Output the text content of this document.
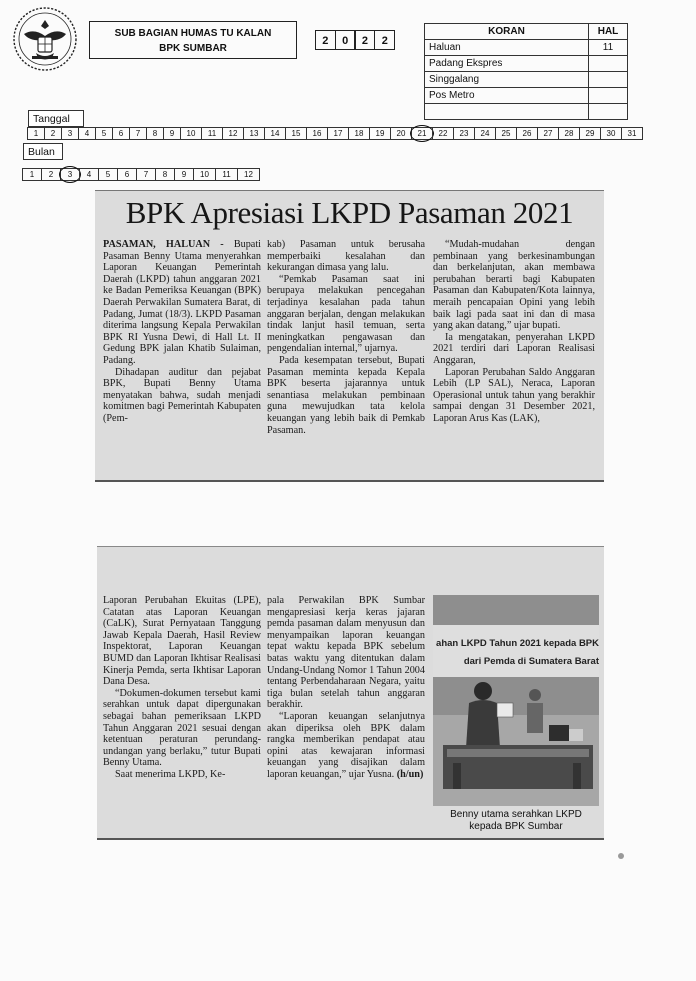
SUB BAGIAN HUMAS TU KALAN
BPK SUMBAR
2	0	2	2
KORAN	HAL
Haluan	11
Padang Ekspres	
Singgalang	
Pos Metro	

Tanggal
1	2	3	4	5	6	7	8	9	10	11	12	13	14	15	16	17	18	19	20	21	22	23	24	25	26	27	28	29	30	31
Bulan
1	2	3	4	5	6	7	8	9	10	11	12
BPK Apresiasi LKPD Pasaman 2021

PASAMAN, HALUAN - Bupati Pasaman Benny Utama menyerahkan Laporan Keuangan Pemerintah Daerah (LKPD) tahun anggaran 2021 ke Badan Pemeriksa Keuangan (BPK) Daerah Perwakilan Sumatera Barat, di Padang, Jumat (18/3). LKPD Pasaman diterima langsung Kepala Perwakilan BPK RI Yusna Dewi, di Hall Lt. II Gedung BPK jalan Khatib Sulaiman, Padang.

Dihadapan auditur dan pejabat BPK, Bupati Benny Utama menyatakan bahwa, sudah menjadi komitmen bagi Pemerintah Kabupaten (Pem-

kab) Pasaman untuk berusaha memperbaiki kesalahan dan kekurangan dimasa yang lalu.

“Pemkab Pasaman saat ini berupaya melakukan pencegahan terjadinya kesalahan pada tahun anggaran berjalan, dengan melakukan tindak lanjut hasil temuan, serta meningkatkan pengawasan dan pengendalian internal,” ujarnya.

Pada kesempatan tersebut, Bupati Pasaman meminta kepada Kepala BPK beserta jajarannya untuk senantiasa melakukan pembinaan guna mewujudkan tata kelola keuangan yang lebih baik di Pemkab Pasaman.

“Mudah-mudahan dengan pembinaan yang berkesinambungan dan berkelanjutan, akan membawa perubahan berarti bagi Kabupaten Pasaman dan Kabupaten/Kota lainnya, meraih pencapaian Opini yang lebih baik lagi pada saat ini dan di masa yang akan datang,” ujar bupati.

Ia mengatakan, penyerahan LKPD 2021 terdiri dari Laporan Realisasi Anggaran,

Laporan Perubahan Saldo Anggaran Lebih (LP SAL), Neraca, Laporan Operasional untuk tahun yang berakhir sampai dengan 31 Desember 2021, Laporan Arus Kas (LAK),

Laporan Perubahan Ekuitas (LPE), Catatan atas Laporan Keuangan (CaLK), Surat Pernyataan Tanggung Jawab Kepala Daerah, Hasil Review Inspektorat, Laporan Keuangan BUMD dan Laporan Ikhtisar Realisasi Kinerja Pemda, serta Ikhtisar Laporan Dana Desa.

“Dokumen-dokumen tersebut kami serahkan untuk dapat dipergunakan sebagai bahan pemeriksaan LKPD Tahun Anggaran 2021 sesuai dengan ketentuan peraturan perundang-undangan yang berlaku,” tutur Bupati Benny Utama.

Saat menerima LKPD, Ke-

pala Perwakilan BPK Sumbar mengapresiasi kerja keras jajaran pemda pasaman dalam menyusun dan menyampaikan laporan keuangan tepat waktu kepada BPK sebelum batas waktu yang ditentukan dalam Undang-Undang Nomor 1 Tahun 2004 tentang Perbendaharaan Negara, yaitu tiga bulan setelah tahun anggaran berakhir.

“Laporan keuangan selanjutnya akan diperiksa oleh BPK dalam rangka memberikan pendapat atau opini atas kewajaran informasi keuangan yang disajikan dalam laporan keuangan,” ujar Yusna. (h/un)

ahan LKPD Tahun 2021 kepada BPK
dari Pemda di Sumatera Barat
Benny utama serahkan LKPD kepada BPK Sumbar
